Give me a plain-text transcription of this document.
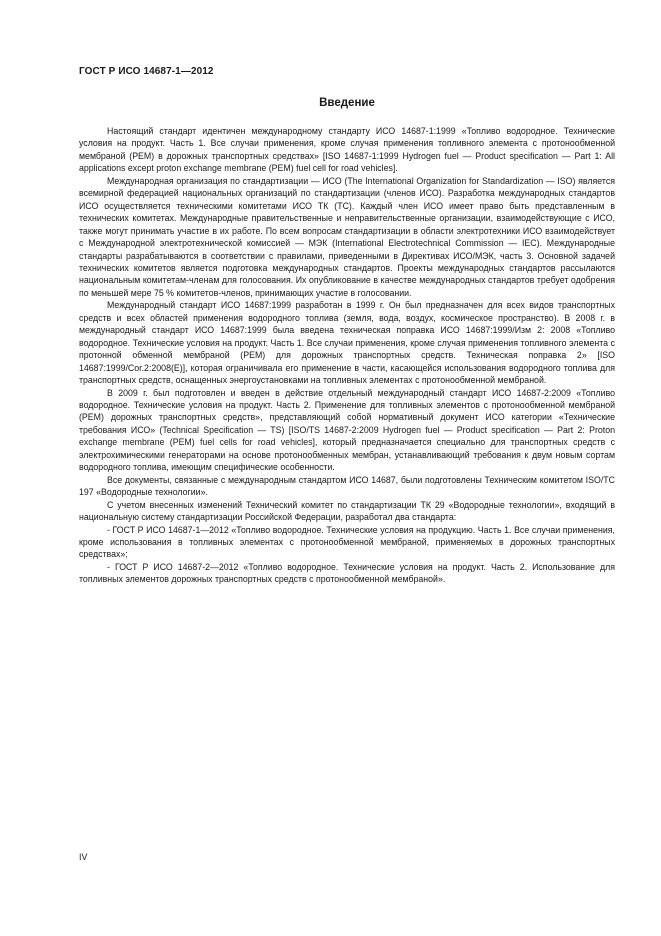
ГОСТ Р ИСО 14687-1—2012
Введение

Настоящий стандарт идентичен международному стандарту ИСО 14687-1:1999 «Топливо водородное. Технические условия на продукт. Часть 1. Все случаи применения, кроме случая применения топливного элемента с протонообменной мембраной (PEM) в дорожных транспортных средствах» [ISO 14687-1:1999 Hydrogen fuel — Product specification — Part 1: All applications except proton exchange membrane (PEM) fuel cell for road vehicles].

Международная организация по стандартизации — ИСО (The International Organization for Standardization — ISO) является всемирной федерацией национальных организаций по стандартизации (членов ИСО). Разработка международных стандартов ИСО осуществляется техническими комитетами ИСО ТК (TC). Каждый член ИСО имеет право быть представленным в технических комитетах. Международные правительственные и неправительственные организации, взаимодействующие с ИСО, также могут принимать участие в их работе. По всем вопросам стандартизации в области электротехники ИСО взаимодействует с Международной электротехнической комиссией — МЭК (International Electrotechnical Commission — IEC). Международные стандарты разрабатываются в соответствии с правилами, приведенными в Директивах ИСО/МЭК, часть 3. Основной задачей технических комитетов является подготовка международных стандартов. Проекты международных стандартов рассылаются национальным комитетам-членам для голосования. Их опубликование в качестве международных стандартов требует одобрения по меньшей мере 75 % комитетов-членов, принимающих участие в голосовании.

Международный стандарт ИСО 14687:1999 разработан в 1999 г. Он был предназначен для всех видов транспортных средств и всех областей применения водородного топлива (земля, вода, воздух, космическое пространство). В 2008 г. в международный стандарт ИСО 14687:1999 была введена техническая поправка ИСО 14687:1999/Изм 2: 2008 «Топливо водородное. Технические условия на продукт. Часть 1. Все случаи применения, кроме случая применения топливного элемента с протонной обменной мембраной (PEM) для дорожных транспортных средств. Техническая поправка 2» [ISO 14687:1999/Cor.2:2008(E)], которая ограничивала его применение в части, касающейся использования водородного топлива для транспортных средств, оснащенных энергоустановками на топливных элементах с протонообменной мембраной.

В 2009 г. был подготовлен и введен в действие отдельный международный стандарт ИСО 14687-2:2009 «Топливо водородное. Технические условия на продукт. Часть 2. Применение для топливных элементов с протонообменной мембраной (PEM) дорожных транспортных средств», представляющий собой нормативный документ ИСО категории «Технические требования ИСО» (Technical Specification — TS) [ISO/TS 14687-2:2009 Hydrogen fuel — Product specification — Part 2: Proton exchange membrane (PEM) fuel cells for road vehicles], который предназначается специально для транспортных средств с электрохимическими генераторами на основе протонообменных мембран, устанавливающий требования к двум новым сортам водородного топлива, имеющим специфические особенности.

Все документы, связанные с международным стандартом ИСО 14687, были подготовлены Техническим комитетом ISO/TC 197 «Водородные технологии».

С учетом внесенных изменений Технический комитет по стандартизации ТК 29 «Водородные технологии», входящий в национальную систему стандартизации Российской Федерации, разработал два стандарта:

- ГОСТ Р ИСО 14687-1—2012 «Топливо водородное. Технические условия на продукцию. Часть 1. Все случаи применения, кроме использования в топливных элементах с протонообменной мембраной, применяемых в дорожных транспортных средствах»;

- ГОСТ Р ИСО 14687-2—2012 «Топливо водородное. Технические условия на продукт. Часть 2. Использование для топливных элементов дорожных транспортных средств с протонообменной мембраной».

IV
